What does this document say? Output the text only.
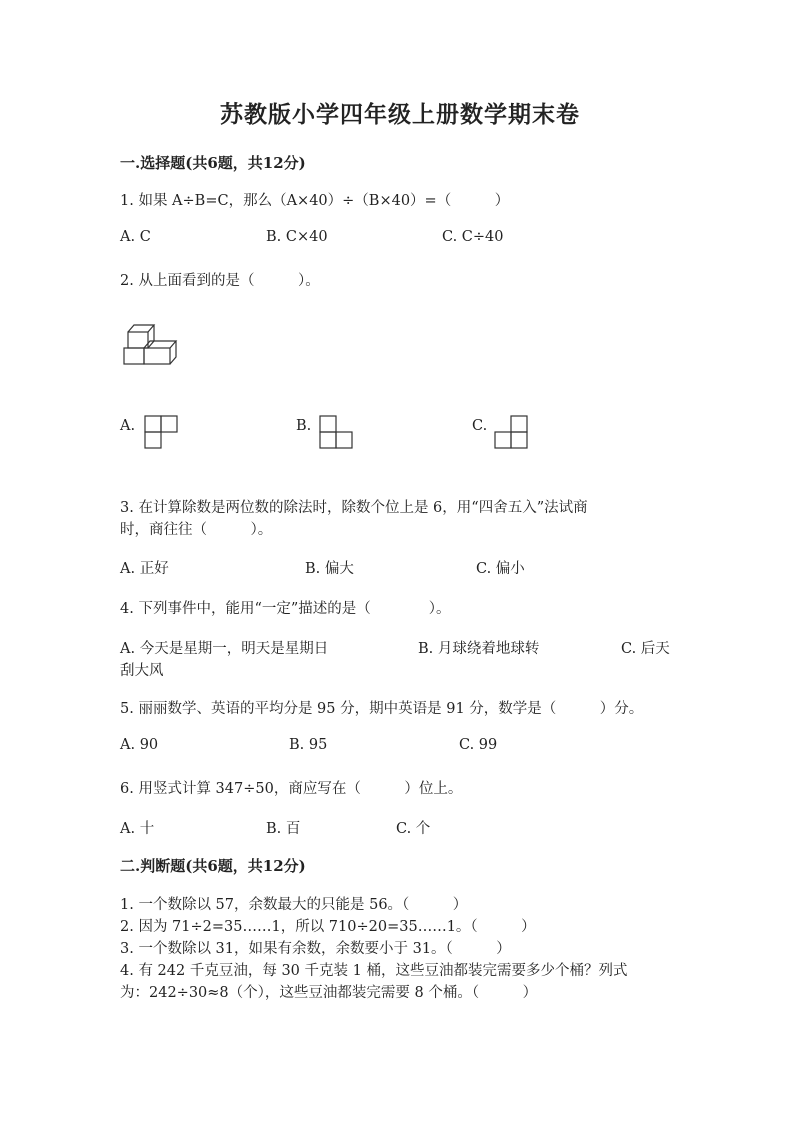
苏教版小学四年级上册数学期末卷
一.选择题(共6题，共12分)
1. 如果 A÷B=C，那么（A×40）÷（B×40）=（　　　）
A. C	B. C×40	C. C÷40
2. 从上面看到的是（　　　）。
A.	B.	C.
3. 在计算除数是两位数的除法时，除数个位上是 6，用“四舍五入”法试商
时，商往往（　　　）。
A. 正好	B. 偏大	C. 偏小
4. 下列事件中，能用“一定”描述的是（　　　　）。
A. 今天是星期一，明天是星期日	B. 月球绕着地球转	C. 后天
刮大风
5. 丽丽数学、英语的平均分是 95 分，期中英语是 91 分，数学是（　　　）分。
A. 90	B. 95	C. 99
6. 用竖式计算 347÷50，商应写在（　　　）位上。
A. 十	B. 百	C. 个
二.判断题(共6题，共12分)
1. 一个数除以 57，余数最大的只能是 56。（　　　）
2. 因为 71÷2=35……1，所以 710÷20=35……1。（　　　）
3. 一个数除以 31，如果有余数，余数要小于 31。（　　　）
4. 有 242 千克豆油，每 30 千克装 1 桶，这些豆油都装完需要多少个桶？列式
为：242÷30≈8（个），这些豆油都装完需要 8 个桶。（　　　）
